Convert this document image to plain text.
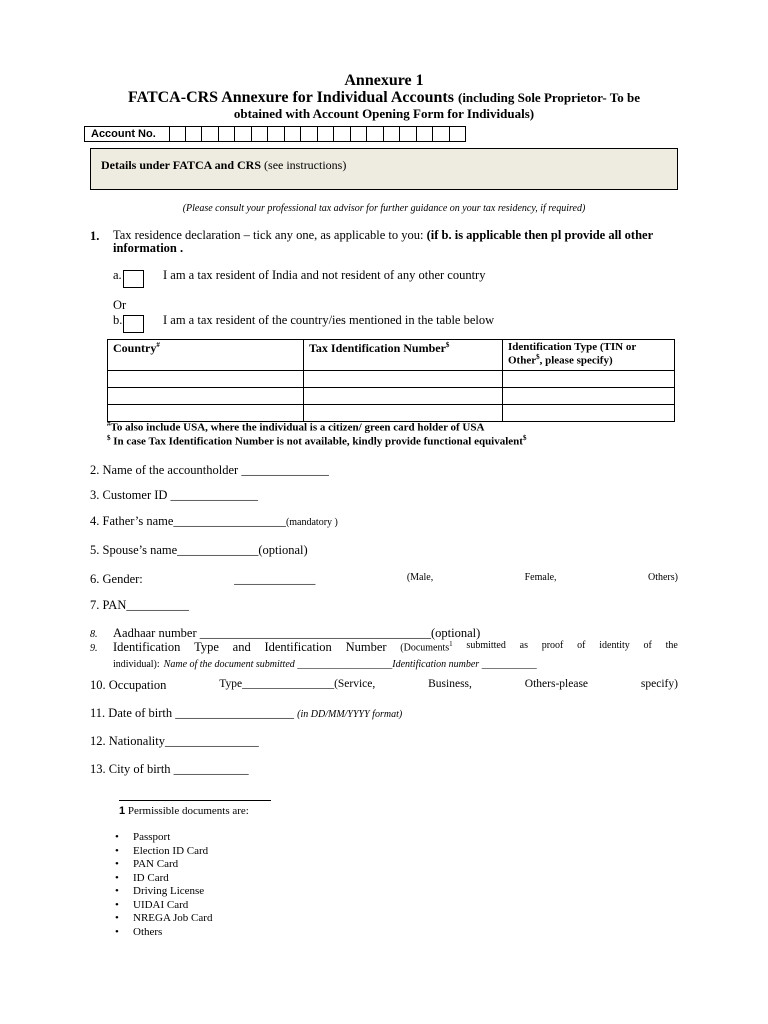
Annexure 1
FATCA-CRS Annexure for Individual Accounts (including Sole Proprietor- To be
obtained with Account Opening Form for Individuals)
Account No.
Details under FATCA and CRS (see instructions)
(Please consult your professional tax advisor for further guidance on your tax residency, if required)
1. Tax residence declaration – tick any one, as applicable to you: (if b. is applicable then pl provide all other information .
a.	I am a tax resident of India and not resident of any other country
Or
b.	I am a tax resident of the country/ies mentioned in the table below
Country#	Tax Identification Number$	Identification Type (TIN or
Other$, please specify)

#To also include USA, where the individual is a citizen/ green card holder of USA
$ In case Tax Identification Number is not available, kindly provide functional equivalent$
2. Name of the accountholder ______________
3. Customer ID ______________
4. Father’s name__________________(mandatory )
5. Spouse’s name_____________(optional)
6. Gender:	_____________	(Male,	Female,	Others)
7. PAN__________
8. Aadhaar number _____________________________________(optional)
9. Identification Type and Identification Number (Documents$^1$ submitted as proof of identity of the
individual): Name of the document submitted ___________________Identification number ___________
10. Occupation	Type________________(Service,	Business,	Others-please	specify)
11. Date of birth ___________________ (in DD/MM/YYYY format)
12. Nationality_______________
13. City of birth ____________
1 Permissible documents are:
• Passport
• Election ID Card
• PAN Card
• ID Card
• Driving License
• UIDAI Card
• NREGA Job Card
• Others
